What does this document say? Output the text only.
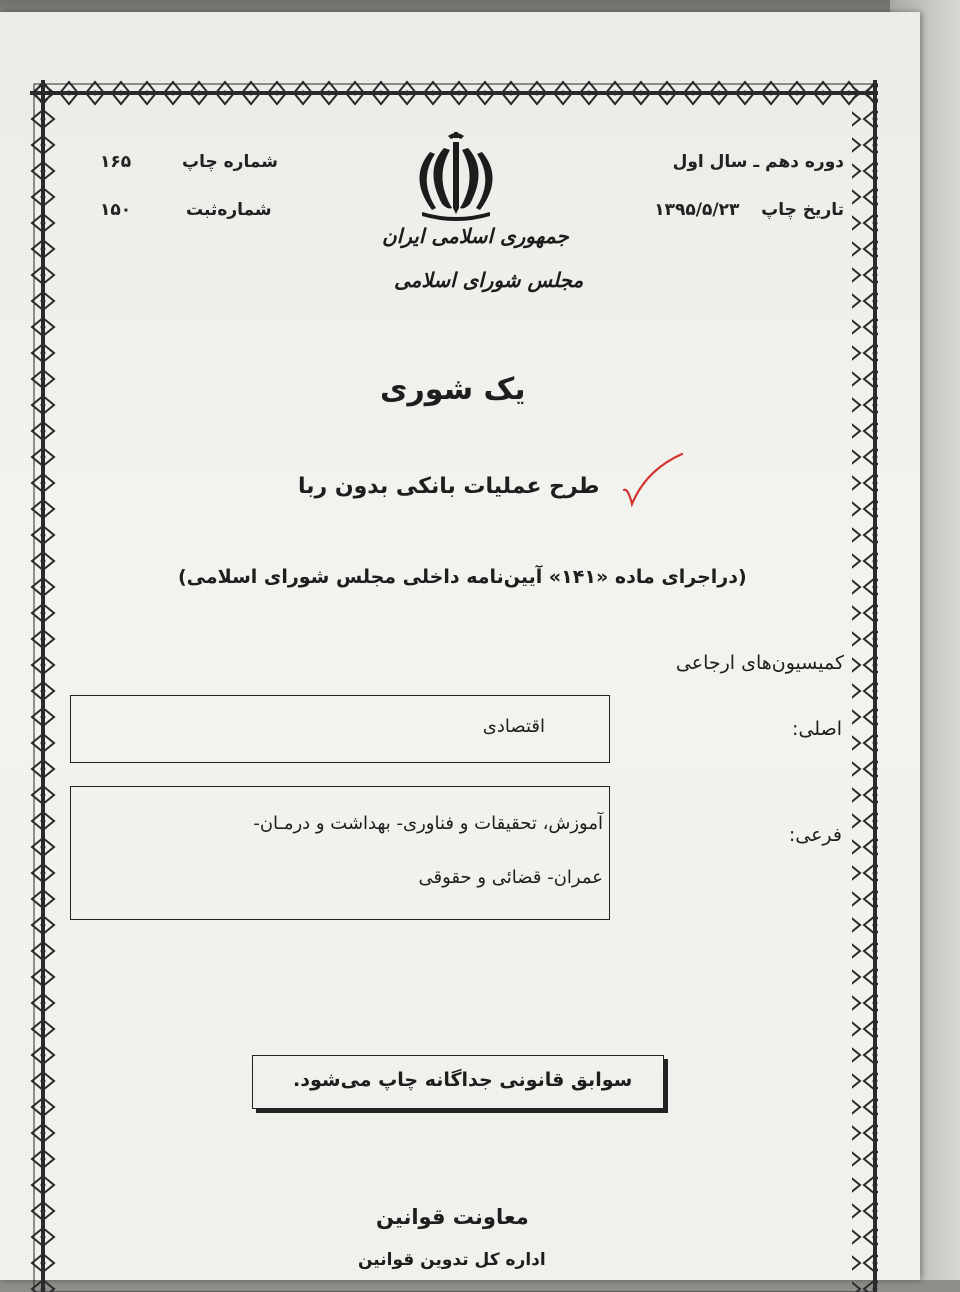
دوره دهم ـ سال اول
تاریخ چاپ  ۱۳۹۵/۵/۲۳
شماره چاپ
۱۶۵
شماره‌ثبت
۱۵۰
جمهوری اسلامی ایران
مجلس شورای اسلامی
یک شوری
طرح عملیات بانکی بدون ربا
(دراجرای ماده «۱۴۱» آیین‌نامه داخلی مجلس شورای اسلامی)
کمیسیون‌های ارجاعی
اصلی:
اقتصادی
فرعی:
آموزش، تحقیقات و فناوری- بهداشت و درمـان-
عمران- قضائی و حقوقی
سوابق قانونی جداگانه چاپ می‌شود.
معاونت قوانین
اداره کل تدوین قوانین
